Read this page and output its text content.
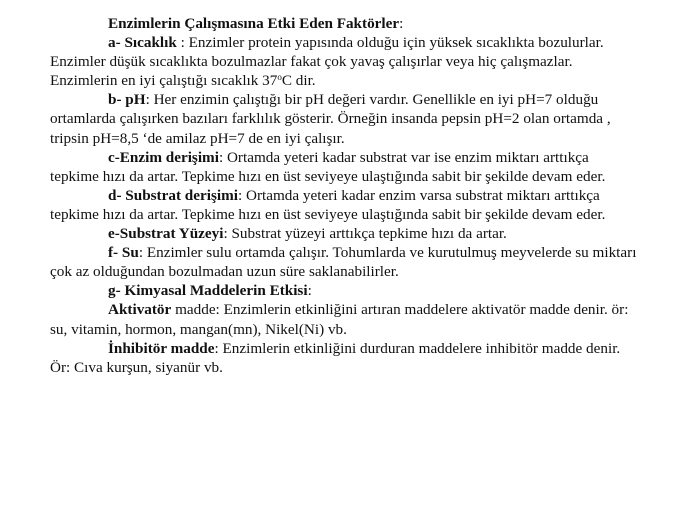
Enzimlerin Çalışmasına Etki Eden Faktörler:

a- Sıcaklık : Enzimler protein yapısında olduğu için yüksek sıcaklıkta bozulurlar. Enzimler düşük sıcaklıkta bozulmazlar fakat çok yavaş çalışırlar veya hiç çalışmazlar. Enzimlerin en iyi çalıştığı sıcaklık 37$^o$C dir.

b- pH: Her enzimin çalıştığı bir pH değeri vardır. Genellikle en iyi pH=7 olduğu ortamlarda çalışırken bazıları farklılık gösterir. Örneğin insanda pepsin pH=2 olan ortamda , tripsin pH=8,5 ‘de amilaz pH=7 de en iyi çalışır.

c-Enzim derişimi: Ortamda yeteri kadar substrat var ise enzim miktarı arttıkça tepkime hızı da artar. Tepkime hızı en üst seviyeye ulaştığında sabit bir şekilde devam eder.

d- Substrat derişimi: Ortamda yeteri kadar enzim varsa substrat miktarı arttıkça tepkime hızı da artar. Tepkime hızı en üst seviyeye ulaştığında sabit bir şekilde devam eder.

e-Substrat Yüzeyi: Substrat yüzeyi arttıkça tepkime hızı da artar.

f- Su: Enzimler sulu ortamda çalışır. Tohumlarda ve kurutulmuş meyvelerde su miktarı çok az olduğundan bozulmadan uzun süre saklanabilirler.

g- Kimyasal Maddelerin Etkisi:

Aktivatör madde: Enzimlerin etkinliğini artıran maddelere aktivatör madde denir. ör: su, vitamin, hormon, mangan(mn), Nikel(Ni) vb.

İnhibitör madde: Enzimlerin etkinliğini durduran maddelere inhibitör madde denir. Ör: Cıva kurşun, siyanür vb.
